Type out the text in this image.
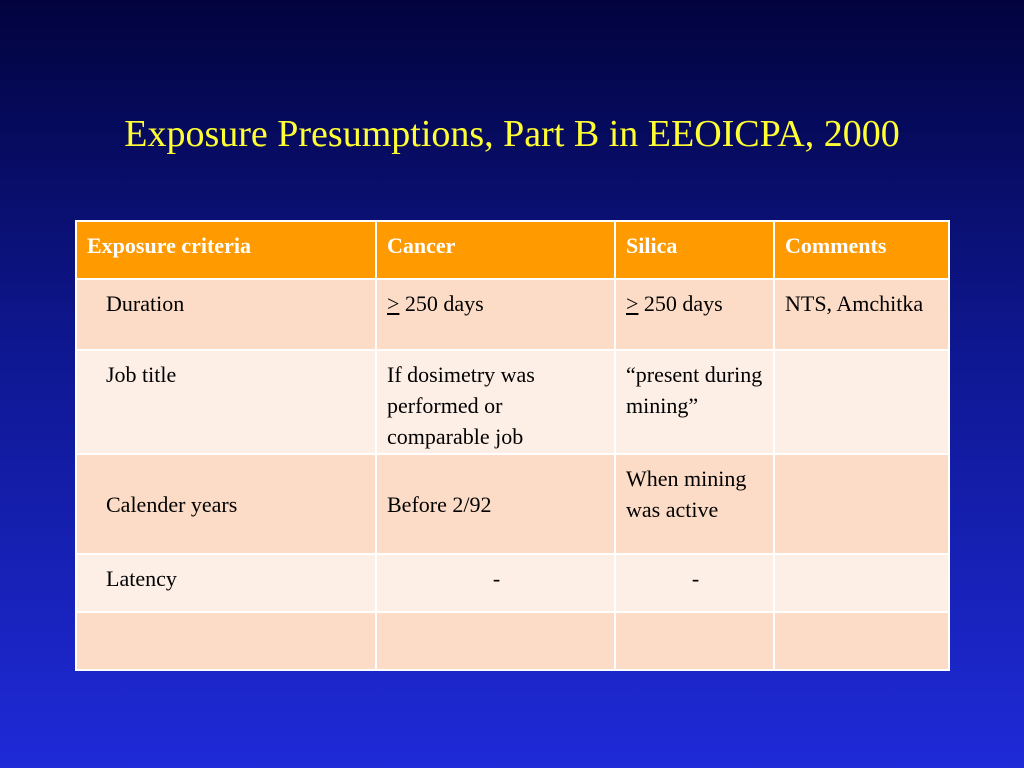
Exposure Presumptions, Part B in EEOICPA, 2000
Exposure criteria	Cancer	Silica	Comments
Duration	≥ 250 days	≥ 250 days	NTS, Amchitka
Job title	If dosimetry was performed or comparable job	“present during mining”	
Calender years	Before 2/92	When mining was active	
Latency	-	-	
